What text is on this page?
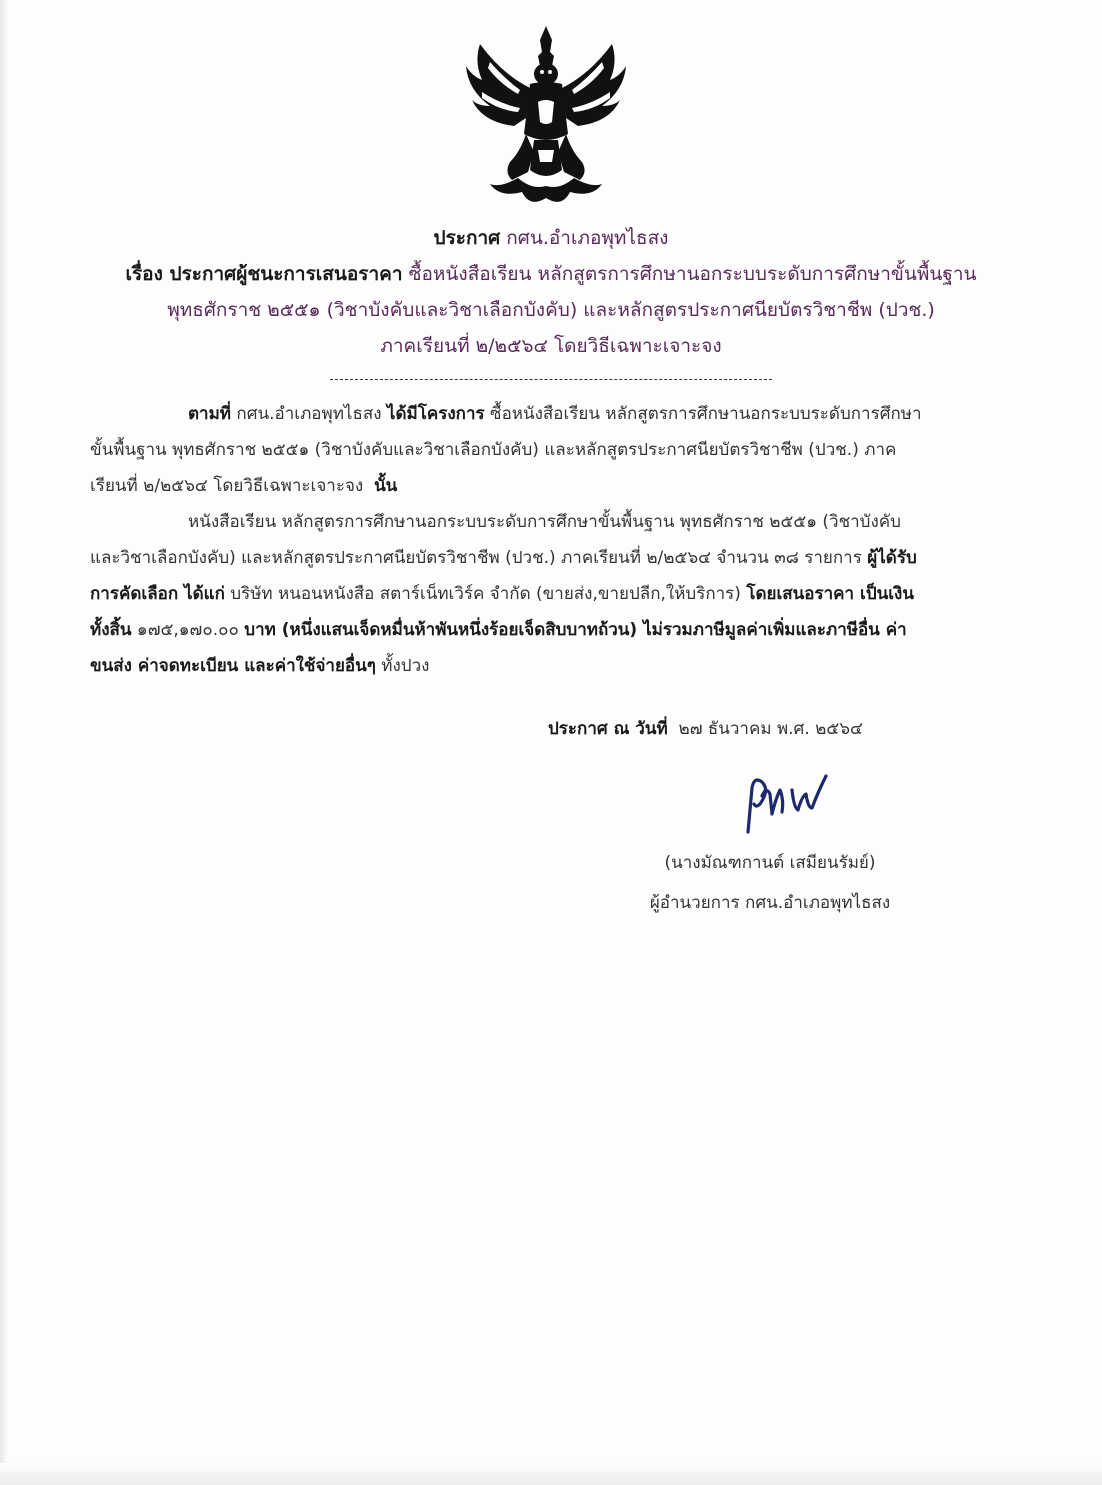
ประกาศ กศน.อำเภอพุทไธสง
เรื่อง ประกาศผู้ชนะการเสนอราคา ซื้อหนังสือเรียน หลักสูตรการศึกษานอกระบบระดับการศึกษาขั้นพื้นฐาน
พุทธศักราช ๒๕๕๑ (วิชาบังคับและวิชาเลือกบังคับ) และหลักสูตรประกาศนียบัตรวิชาชีพ (ปวช.)
ภาคเรียนที่ ๒/๒๕๖๔ โดยวิธีเฉพาะเจาะจง
ตามที่ กศน.อำเภอพุทไธสง ได้มีโครงการ ซื้อหนังสือเรียน หลักสูตรการศึกษานอกระบบระดับการศึกษา
ขั้นพื้นฐาน พุทธศักราช ๒๕๕๑ (วิชาบังคับและวิชาเลือกบังคับ) และหลักสูตรประกาศนียบัตรวิชาชีพ (ปวช.) ภาค
เรียนที่ ๒/๒๕๖๔ โดยวิธีเฉพาะเจาะจง นั้น
หนังสือเรียน หลักสูตรการศึกษานอกระบบระดับการศึกษาขั้นพื้นฐาน พุทธศักราช ๒๕๕๑ (วิชาบังคับ
และวิชาเลือกบังคับ) และหลักสูตรประกาศนียบัตรวิชาชีพ (ปวช.) ภาคเรียนที่ ๒/๒๕๖๔ จำนวน ๓๘ รายการ ผู้ได้รับ
การคัดเลือก ได้แก่ บริษัท หนอนหนังสือ สตาร์เน็ทเวิร์ค จำกัด (ขายส่ง,ขายปลีก,ให้บริการ) โดยเสนอราคา เป็นเงิน
ทั้งสิ้น ๑๗๕,๑๗๐.๐๐ บาท (หนึ่งแสนเจ็ดหมื่นห้าพันหนึ่งร้อยเจ็ดสิบบาทถ้วน) ไม่รวมภาษีมูลค่าเพิ่มและภาษีอื่น ค่า
ขนส่ง ค่าจดทะเบียน และค่าใช้จ่ายอื่นๆ ทั้งปวง
ประกาศ ณ วันที่ ๒๗ ธันวาคม พ.ศ. ๒๕๖๔
(นางมัณฑกานต์ เสมียนรัมย์)
ผู้อำนวยการ กศน.อำเภอพุทไธสง
